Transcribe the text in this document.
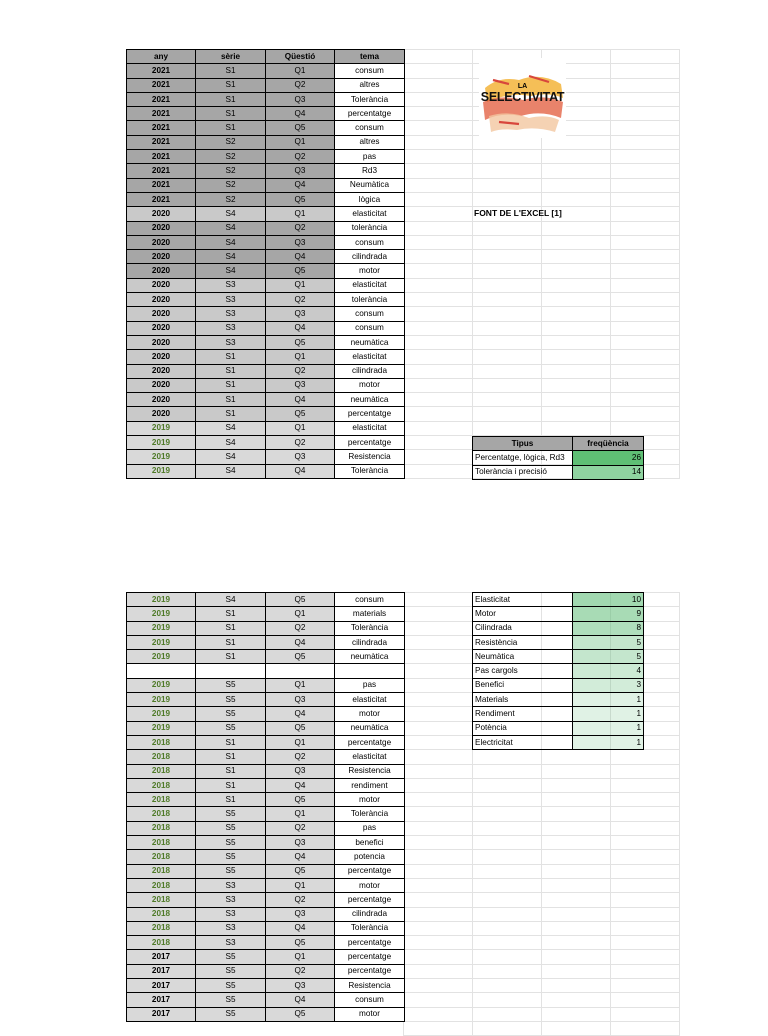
any	sèrie	Qüestió	tema
2021	S1	Q1	consum
2021	S1	Q2	altres
2021	S1	Q3	Tolerància
2021	S1	Q4	percentatge
2021	S1	Q5	consum
2021	S2	Q1	altres
2021	S2	Q2	pas
2021	S2	Q3	Rd3
2021	S2	Q4	Neumàtica
2021	S2	Q5	lògica
2020	S4	Q1	elasticitat
2020	S4	Q2	tolerància
2020	S4	Q3	consum
2020	S4	Q4	cilindrada
2020	S4	Q5	motor
2020	S3	Q1	elasticitat
2020	S3	Q2	tolerància
2020	S3	Q3	consum
2020	S3	Q4	consum
2020	S3	Q5	neumàtica
2020	S1	Q1	elasticitat
2020	S1	Q2	cilindrada
2020	S1	Q3	motor
2020	S1	Q4	neumàtica
2020	S1	Q5	percentatge
2019	S4	Q1	elasticitat
2019	S4	Q2	percentatge
2019	S4	Q3	Resistencia
2019	S4	Q4	Tolerància
LA
SELECTIVITAT
FONT DE L'EXCEL [1]
Tipus	freqüència
Percentatge, lògica, Rd3	26
Tolerància i precisió	14
2019	S4	Q5	consum
2019	S1	Q1	materials
2019	S1	Q2	Tolerància
2019	S1	Q4	cilindrada
2019	S1	Q5	neumàtica

2019	S5	Q1	pas
2019	S5	Q3	elasticitat
2019	S5	Q4	motor
2019	S5	Q5	neumàtica
2018	S1	Q1	percentatge
2018	S1	Q2	elasticitat
2018	S1	Q3	Resistencia
2018	S1	Q4	rendiment
2018	S1	Q5	motor
2018	S5	Q1	Tolerància
2018	S5	Q2	pas
2018	S5	Q3	benefici
2018	S5	Q4	potencia
2018	S5	Q5	percentatge
2018	S3	Q1	motor
2018	S3	Q2	percentatge
2018	S3	Q3	cilindrada
2018	S3	Q4	Tolerància
2018	S3	Q5	percentatge
2017	S5	Q1	percentatge
2017	S5	Q2	percentatge
2017	S5	Q3	Resistencia
2017	S5	Q4	consum
2017	S5	Q5	motor
Elasticitat	10
Motor	9
Cilindrada	8
Resistència	5
Neumàtica	5
Pas cargols	4
Benefici	3
Materials	1
Rendiment	1
Potència	1
Electricitat	1
